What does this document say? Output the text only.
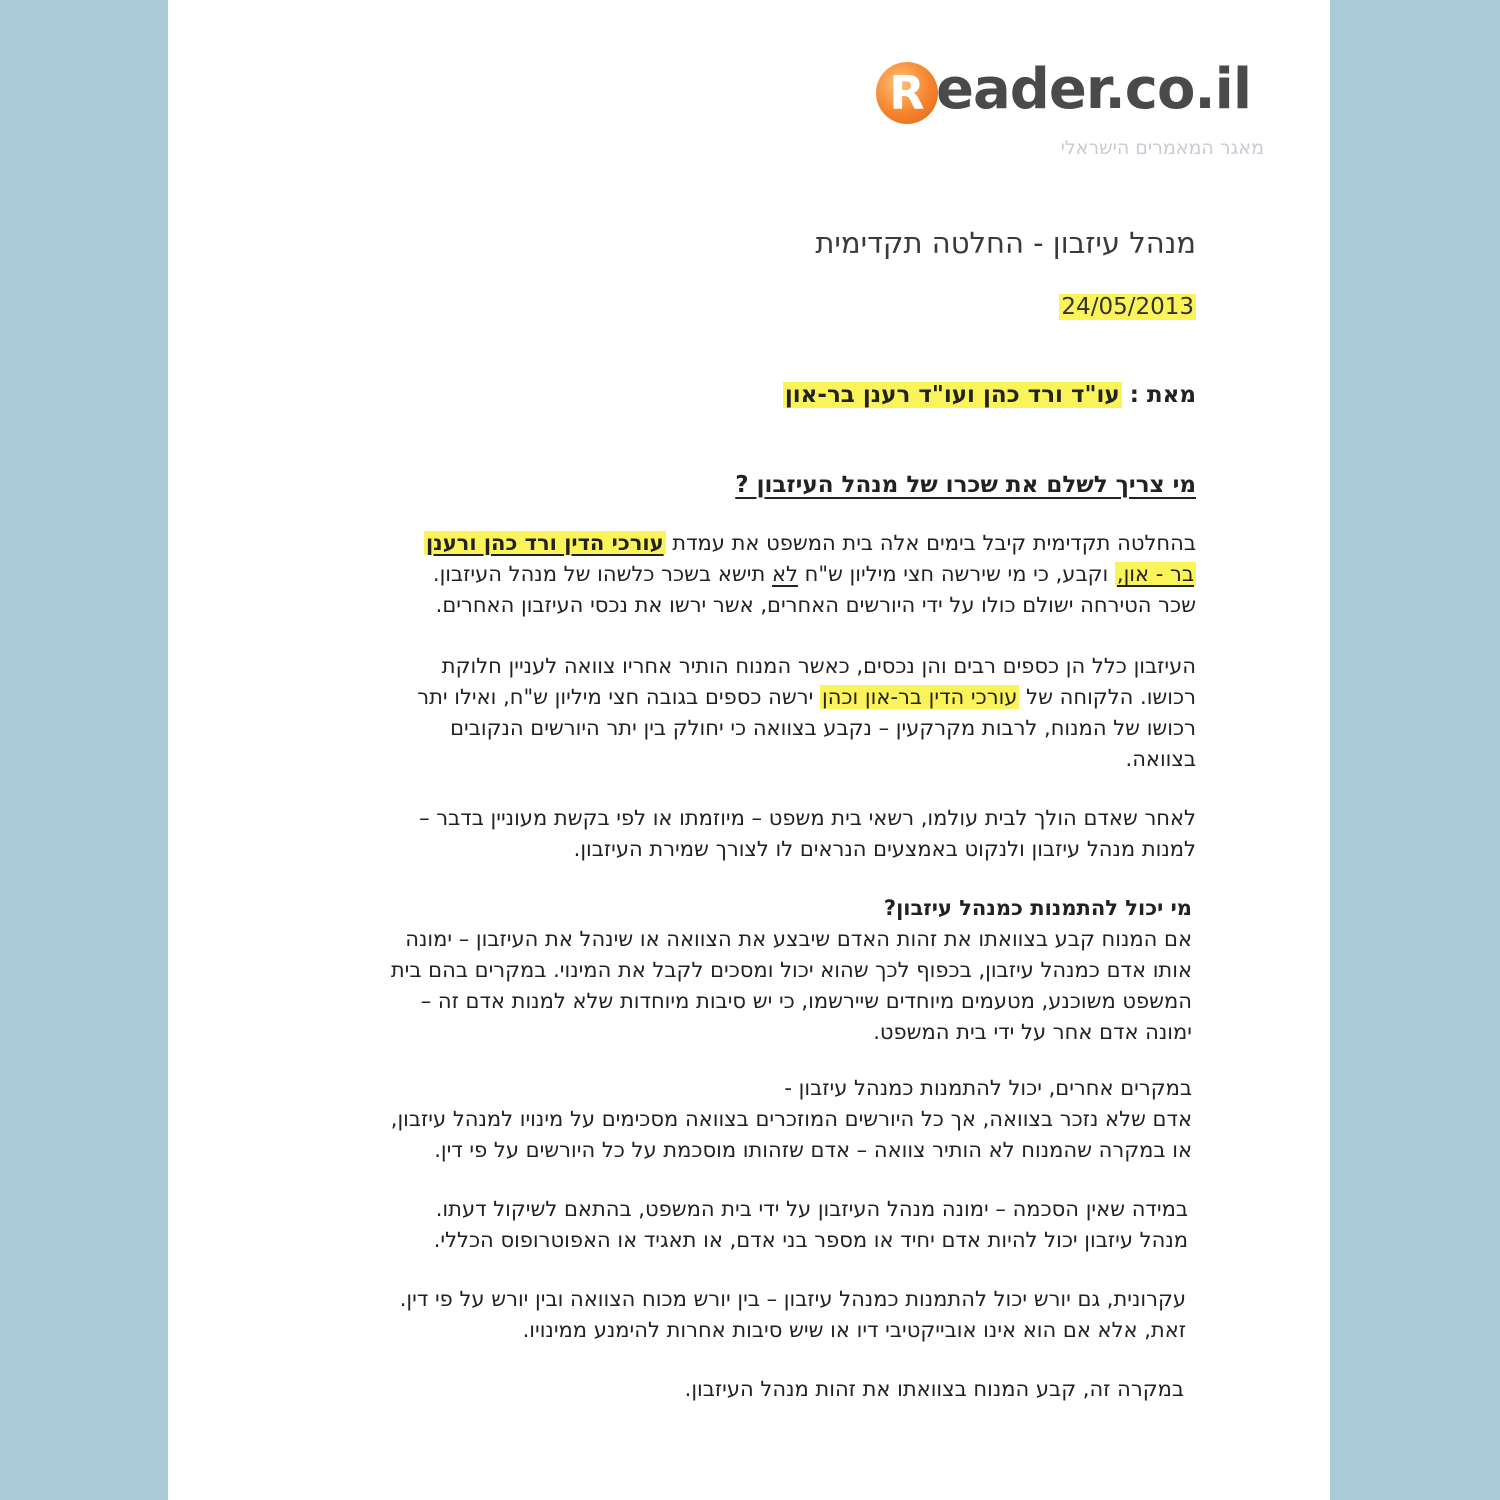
R eader.co.il
מאגר המאמרים הישראלי
מנהל עיזבון - החלטה תקדימית
24/05/2013
מאת : עו"ד ורד כהן ועו"ד רענן בר-און
מי צריך לשלם את שכרו של מנהל העיזבון ?
בהחלטה תקדימית קיבל בימים אלה בית המשפט את עמדת עורכי הדין ורד כהן ורענן
בר - און, וקבע, כי מי שירשה חצי מיליון ש"ח לא תישא בשכר כלשהו של מנהל העיזבון.
שכר הטירחה ישולם כולו על ידי היורשים האחרים, אשר ירשו את נכסי העיזבון האחרים.
העיזבון כלל הן כספים רבים והן נכסים, כאשר המנוח הותיר אחריו צוואה לעניין חלוקת
רכושו. הלקוחה של עורכי הדין בר-און וכהן ירשה כספים בגובה חצי מיליון ש"ח, ואילו יתר
רכושו של המנוח, לרבות מקרקעין – נקבע בצוואה כי יחולק בין יתר היורשים הנקובים
בצוואה.
לאחר שאדם הולך לבית עולמו, רשאי בית משפט – מיוזמתו או לפי בקשת מעוניין בדבר –
למנות מנהל עיזבון ולנקוט באמצעים הנראים לו לצורך שמירת העיזבון.
מי יכול להתמנות כמנהל עיזבון?
אם המנוח קבע בצוואתו את זהות האדם שיבצע את הצוואה או שינהל את העיזבון – ימונה
אותו אדם כמנהל עיזבון, בכפוף לכך שהוא יכול ומסכים לקבל את המינוי. במקרים בהם בית
המשפט משוכנע, מטעמים מיוחדים שיירשמו, כי יש סיבות מיוחדות שלא למנות אדם זה –
ימונה אדם אחר על ידי בית המשפט.
במקרים אחרים, יכול להתמנות כמנהל עיזבון -
אדם שלא נזכר בצוואה, אך כל היורשים המוזכרים בצוואה מסכימים על מינויו למנהל עיזבון,
או במקרה שהמנוח לא הותיר צוואה – אדם שזהותו מוסכמת על כל היורשים על פי דין.
במידה שאין הסכמה – ימונה מנהל העיזבון על ידי בית המשפט, בהתאם לשיקול דעתו.
מנהל עיזבון יכול להיות אדם יחיד או מספר בני אדם, או תאגיד או האפוטרופוס הכללי.
עקרונית, גם יורש יכול להתמנות כמנהל עיזבון – בין יורש מכוח הצוואה ובין יורש על פי דין.
זאת, אלא אם הוא אינו אובייקטיבי דיו או שיש סיבות אחרות להימנע ממינויו.
במקרה זה, קבע המנוח בצוואתו את זהות מנהל העיזבון.
